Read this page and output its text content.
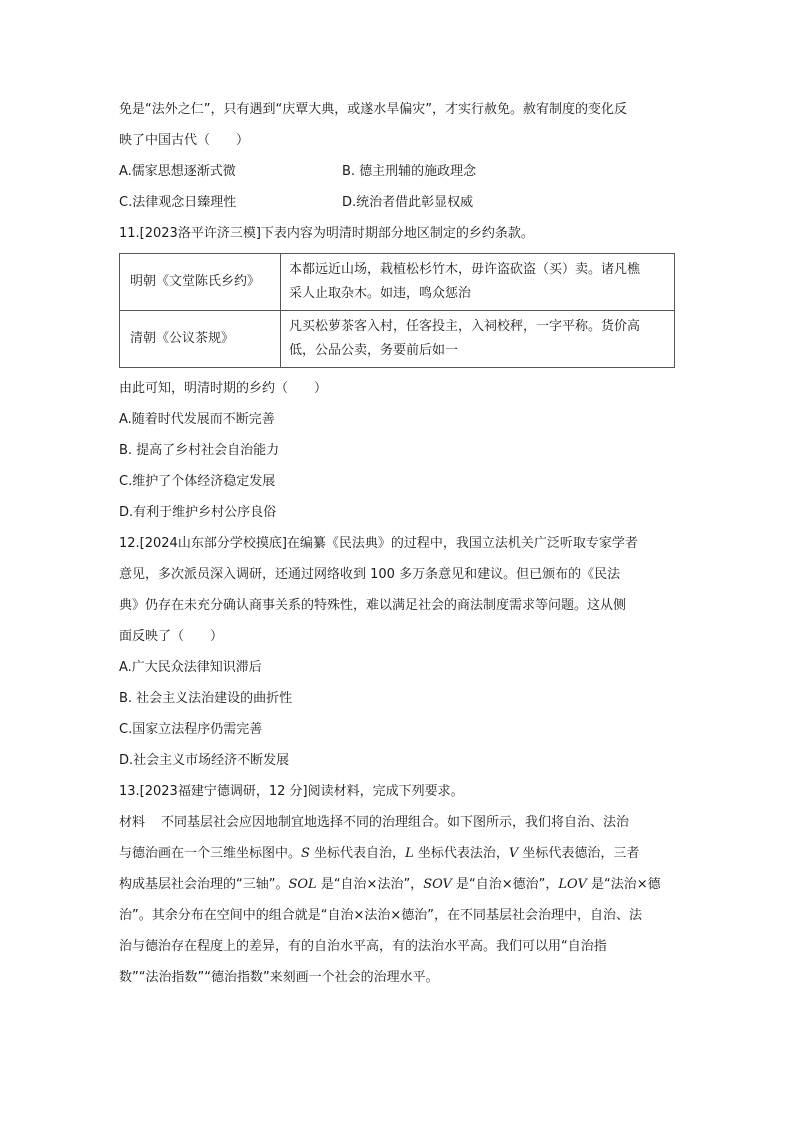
免是“法外之仁”，只有遇到“庆覃大典，或遂水旱偏灾”，才实行赦免。赦宥制度的变化反
映了中国古代（　　）
A.儒家思想逐渐式微	B. 德主刑辅的施政理念
C.法律观念日臻理性	D.统治者借此彰显权威
11.[2023洛平许济三模]下表内容为明清时期部分地区制定的乡约条款。
明朝《文堂陈氏乡约》	本都远近山场，栽植松杉竹木，毋许盗砍盗（买）卖。诸凡樵
采人止取杂木。如违，鸣众惩治

清朝《公议茶规》	凡买松萝茶客入村，任客投主，入祠校秤，一字平称。货价高
低，公品公卖，务要前后如一
由此可知，明清时期的乡约（　　）
A.随着时代发展而不断完善
B. 提高了乡村社会自治能力
C.维护了个体经济稳定发展
D.有利于维护乡村公序良俗
12.[2024山东部分学校摸底]在编纂《民法典》的过程中，我国立法机关广泛听取专家学者
意见，多次派员深入调研，还通过网络收到 100 多万条意见和建议。但已颁布的《民法
典》仍存在未充分确认商事关系的特殊性，难以满足社会的商法制度需求等问题。这从侧
面反映了（　　）
A.广大民众法律知识滞后
B. 社会主义法治建设的曲折性
C.国家立法程序仍需完善
D.社会主义市场经济不断发展
13.[2023福建宁德调研，12 分]阅读材料，完成下列要求。
材料 不同基层社会应因地制宜地选择不同的治理组合。如下图所示，我们将自治、法治
与德治画在一个三维坐标图中。S 坐标代表自治，L 坐标代表法治，V 坐标代表德治，三者
构成基层社会治理的“三轴”。SOL 是“自治×法治”，SOV 是“自治×德治”，LOV 是“法治×德
治”。其余分布在空间中的组合就是“自治×法治×德治”，在不同基层社会治理中，自治、法
治与德治存在程度上的差异，有的自治水平高，有的法治水平高。我们可以用“自治指
数”“法治指数”“德治指数”来刻画一个社会的治理水平。
